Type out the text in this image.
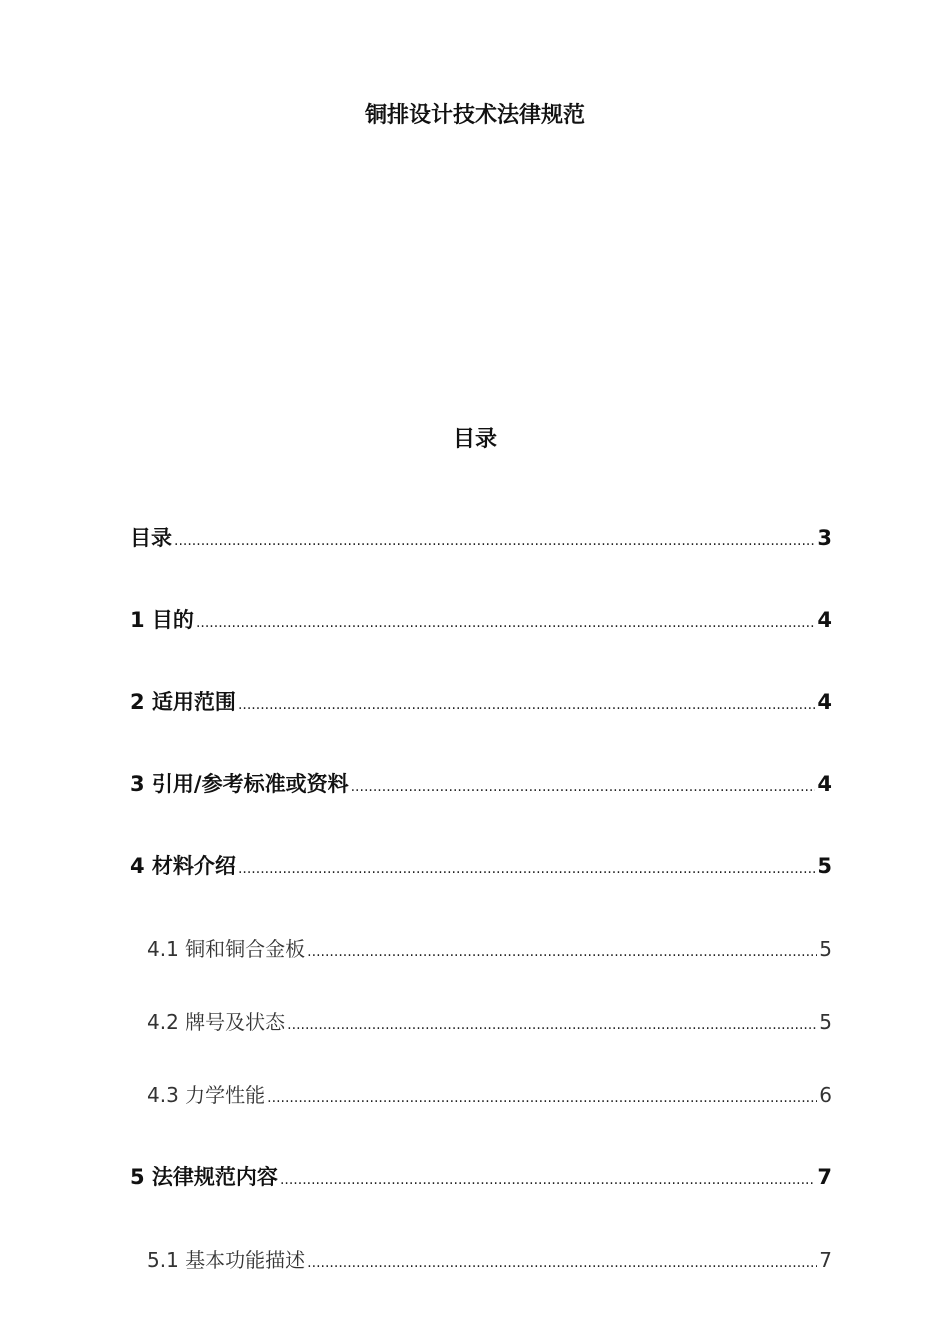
铜排设计技术法律规范
目录
目录 .....	3
1 目的 .....	4
2 适用范围 .....	4
3 引用/参考标准或资料 .....	4
4 材料介绍 .....	5
4.1 铜和铜合金板 .....	5
4.2 牌号及状态 .....	5
4.3 力学性能 .....	6
5 法律规范内容 .....	7
5.1 基本功能描述 .....	7
